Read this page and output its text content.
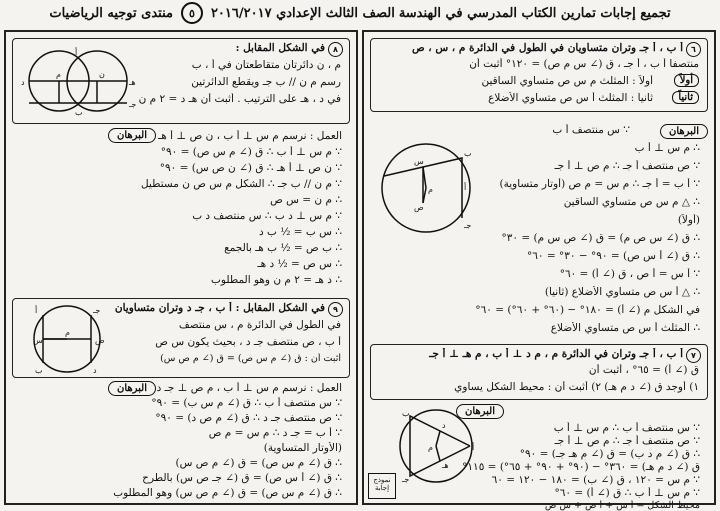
تجميع إجابات تمارين الكتاب المدرسي في الهندسة
الصف الثالث الإعدادي ٢٠١٦/٢٠١٧
٥
منتدى توجيه الرياضيات
٨
في الشكل المقابل :
م ، ن دائرتان متقاطعتان في أ ، ب
رسم م ن // ب جـ ويقطع الدائرتين
في د ، هـ على الترتيب . أثبت أن هـ د = ٢ م ن
م	ن
أ
ب
جـ
د	هـ
البرهان	العمل : نرسم م س ⊥ أ ب ، ن ص ⊥ أ هـ
∵ م س ⊥ أ ب ∴ ق (∠ م س ص) = ٩٠°
∵ ن ص ⊥ أ هـ ∴ ق (∠ ن ص س) = ٩٠°
∵ م ن // ب جـ ∴ الشكل م س ص ن مستطيل
∴ م ن = س ص
∵ م س ⊥ د ب ∴ س منتصف د ب
∴ س ب = ½ ب د
∴ ب ص = ½ ب هـ بالجمع
∴ س ص = ½ د هـ
∴ د هـ = ٢ م ن وهو المطلوب
٩
في الشكل المقابل : أ ب ، جـ د وتران متساويان
في الطول في الدائرة م ، س منتصف
أ ب ، ص منتصف جـ د ، بحيث يكون س ص
أثبت أن : ق (∠ م س ص) = ق (∠ م ص س)
م
أ
ب
جـ
د
س	ص
البرهان العمل : نرسم م س ⊥ أ ب ، م ص ⊥ جـ د
∵ س منتصف أ ب ∴ ق (∠ م س ب) = ٩٠°
∵ ص منتصف جـ د ∴ ق (∠ م ص د) = ٩٠°
∵ أ ب = جـ د ∴ م س = م ص
(الأوتار المتساوية)
∴ ق (∠ م س ص) = ق (∠ م ص س)
∴ ق (∠ أ س ص) = ق (∠ جـ ص س) بالطرح
∴ ق (∠ م س ص) = ق (∠ م ص س) وهو المطلوب
٦
أ ب ، أ جـ وتران متساويان في الطول في الدائرة م ، س ، ص
منتصفا أ ب ، أ جـ ، ق (∠ س م ص) = ١٢٠° أثبت أن
أولاً : المثلث م س ص متساوي الساقين
ثانياً : المثلث أ س ص متساوي الأضلاع
أولاً
ثانياً
البرهان
∵ س منتصف أ ب
∴ م س ⊥ أ ب
∵ ص منتصف أ جـ ∴ م ص ⊥ أ جـ
∵ أ ب = أ جـ ∴ م س = م ص (أوتار متساوية)
∴ △ م س ص متساوي الساقين
(أولاً)
∴ ق (∠ س ص م) = ق (∠ ص س م) = ٣٠°
∴ ق (∠ أ س ص) = ٩٠° − ٣٠° = ٦٠°
∵ أ س = أ ص ، ق (∠ أ) = ٦٠°
∴ △ أ س ص متساوي الأضلاع (ثانياً)
في الشكل م (∠ أ) = ١٨٠° − (٦٠° + ٦٠°) = ٦٠°
∴ المثلث أ س ص متساوي الأضلاع
م	أ
ب
جـ
س
ص
٧
أ ب ، أ جـ وتران في الدائرة م ، م د ⊥ أ ب ، م هـ ⊥ أ جـ
ق (∠ أ) = ٦٥° ، أثبت أن
١) أوجد ق (∠ د م هـ) ٢) أثبت أن : محيط الشكل يساوي
البرهان
∵ س منتصف أ ب ∴ م س ⊥ أ ب
∵ ص منتصف أ جـ ∴ م ص ⊥ أ جـ
∴ ق (∠ م د ب) = ق (∠ م هـ جـ) = ٩٠°
ق (∠ د م هـ) = ٣٦٠° − (٩٠° + ٩٠° + ٦٥°) = ١١٥°
∵ م س = ١٢٠ ، ق (∠ ب) = ١٨٠ − ١٢٠ = ٦٠
∵ م س ⊥ أ ب ∴ ق (∠ أ) = ٦٠°
محيط الشكل = أ س + أ ص + س ص
م	أ
ب
جـ
د
هـ
نموذج إجابة
